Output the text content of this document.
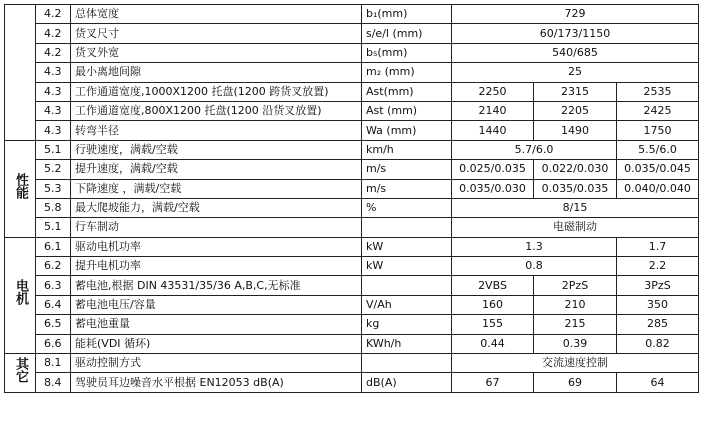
	4.2	总体宽度	b₁(mm)	729		
	4.2	货叉尺寸	s/e/l (mm)	60/173/1150		
	4.2	货叉外宽	b₅(mm)	540/685		
	4.3	最小离地间隙	m₂ (mm)	25		
	4.3	工作通道宽度,1000X1200 托盘(1200 跨货叉放置)	Ast(mm)	2250	2315	2535
	4.3	工作通道宽度,800X1200 托盘(1200 沿货叉放置)	Ast (mm)	2140	2205	2425
	4.3	转弯半径	Wa (mm)	1440	1490	1750
性能	5.1	行驶速度，满载/空载	km/h	5.7/6.0		5.5/6.0
	5.2	提升速度，满载/空载	m/s	0.025/0.035	0.022/0.030	0.035/0.045
	5.3	下降速度 ，满载/空载	m/s	0.035/0.030	0.035/0.035	0.040/0.040
	5.8	最大爬坡能力，满载/空载	%	8/15		
	5.1	行车制动		电磁制动		
电机	6.1	驱动电机功率	kW	1.3		1.7
	6.2	提升电机功率	kW	0.8		2.2
	6.3	蓄电池,根据 DIN 43531/35/36 A,B,C,无标准		2VBS	2PzS	3PzS
	6.4	蓄电池电压/容量	V/Ah	160	210	350
	6.5	蓄电池重量	kg	155	215	285
	6.6	能耗(VDI 循环)	KWh/h	0.44	0.39	0.82
其它	8.1	驱动控制方式		交流速度控制		
	8.4	驾驶员耳边噪音水平根据 EN12053 dB(A)	dB(A)	67	69	64
